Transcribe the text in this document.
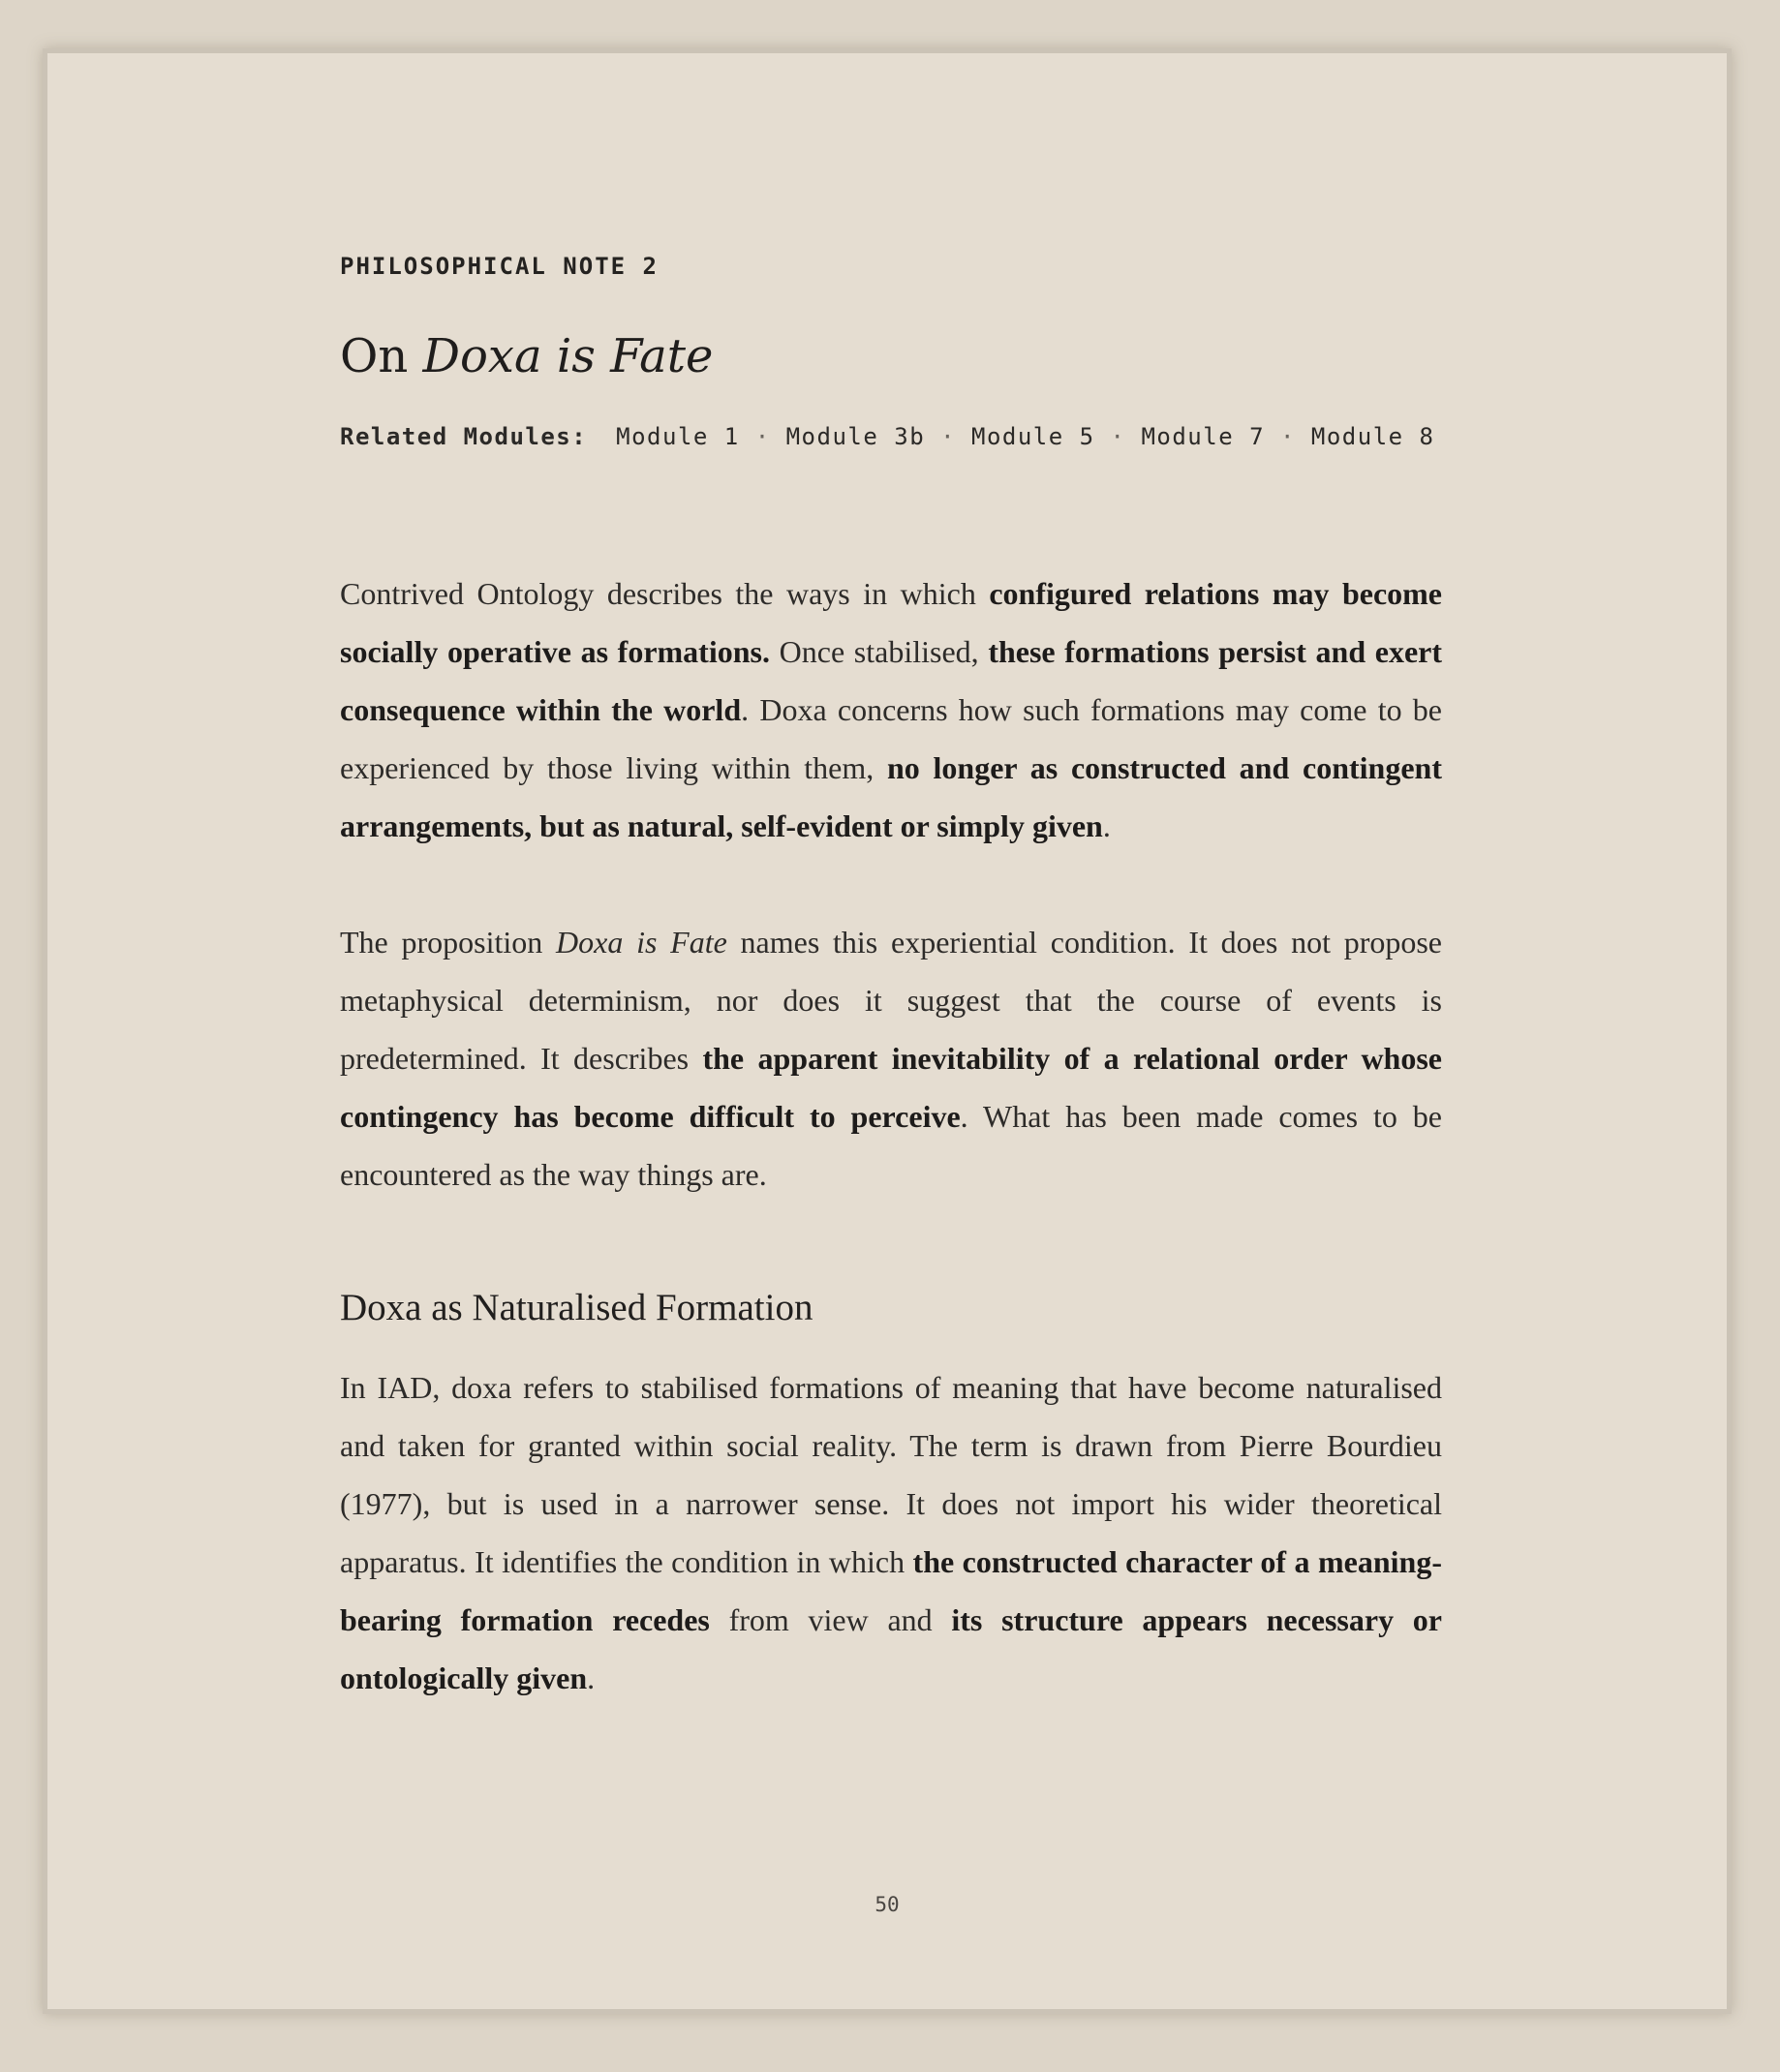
PHILOSOPHICAL NOTE 2
On Doxa is Fate
Related Modules: Module 1 · Module 3b · Module 5 · Module 7 · Module 8

Contrived Ontology describes the ways in which configured relations may become socially operative as formations. Once stabilised, these formations persist and exert consequence within the world. Doxa concerns how such formations may come to be experienced by those living within them, no longer as constructed and contingent arrangements, but as natural, self-evident or simply given.

The proposition Doxa is Fate names this experiential condition. It does not propose metaphysical determinism, nor does it suggest that the course of events is predetermined. It describes the apparent inevitability of a relational order whose contingency has become difficult to perceive. What has been made comes to be encountered as the way things are.

Doxa as Naturalised Formation

In IAD, doxa refers to stabilised formations of meaning that have become naturalised and taken for granted within social reality. The term is drawn from Pierre Bourdieu (1977), but is used in a narrower sense. It does not import his wider theoretical apparatus. It identifies the condition in which the constructed character of a meaning-bearing formation recedes from view and its structure appears necessary or ontologically given.

50
